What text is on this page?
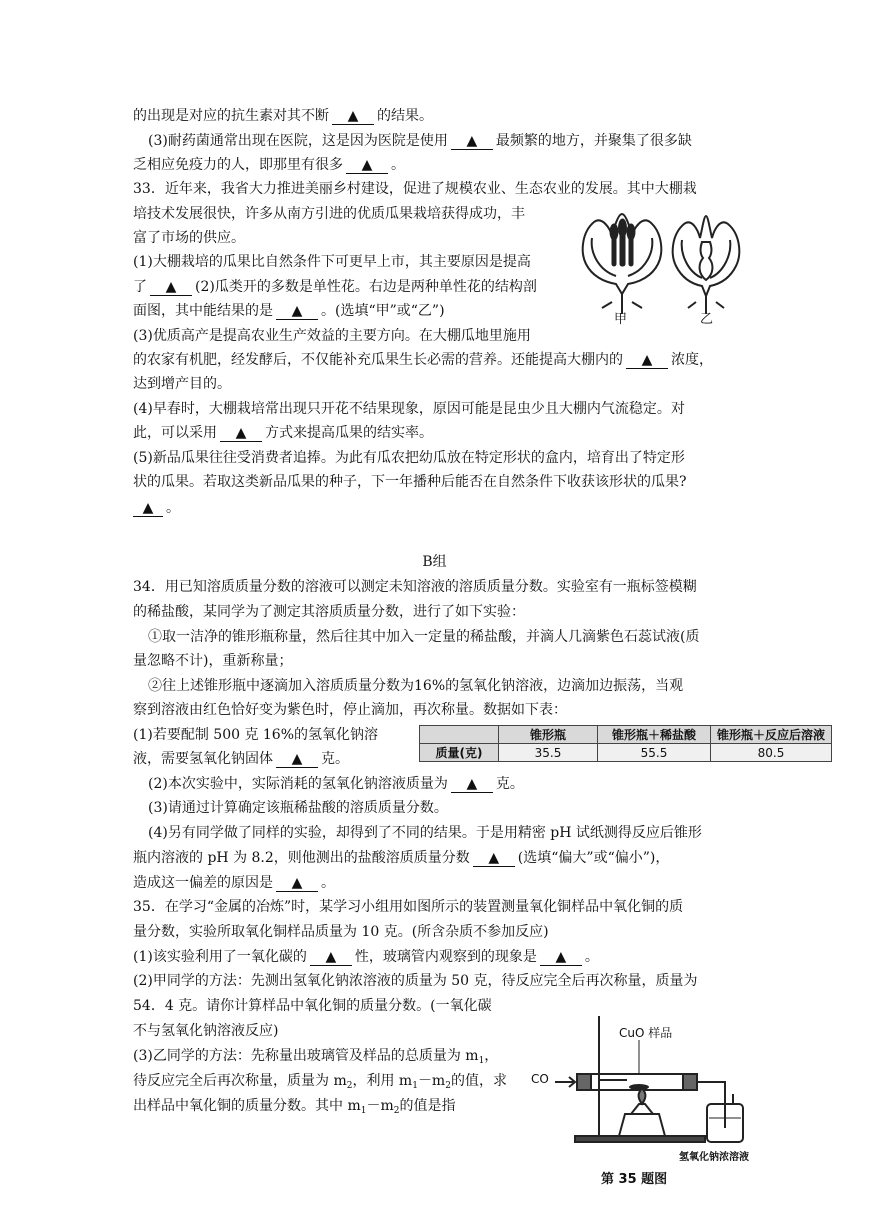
的出现是对应的抗生素对其不断 ▲ 的结果。
(3)耐药菌通常出现在医院，这是因为医院是使用 ▲ 最频繁的地方，并聚集了很多缺
乏相应免疫力的人，即那里有很多 ▲ 。
33．近年来，我省大力推进美丽乡村建设，促进了规模农业、生态农业的发展。其中大棚栽
培技术发展很快，许多从南方引进的优质瓜果栽培获得成功，丰
富了市场的供应。
(1)大棚栽培的瓜果比自然条件下可更早上市，其主要原因是提高
了 ▲ (2)瓜类开的多数是单性花。右边是两种单性花的结构剖
面图，其中能结果的是 ▲ 。(选填“甲”或“乙”)
(3)优质高产是提高农业生产效益的主要方向。在大棚瓜地里施用
的农家有机肥，经发酵后，不仅能补充瓜果生长必需的营养。还能提高大棚内的 ▲ 浓度，
达到增产目的。
(4)早春时，大棚栽培常出现只开花不结果现象，原因可能是昆虫少且大棚内气流稳定。对
此，可以采用 ▲ 方式来提高瓜果的结实率。
(5)新品瓜果往往受消费者追捧。为此有瓜农把幼瓜放在特定形状的盒内，培育出了特定形
状的瓜果。若取这类新品瓜果的种子，下一年播种后能否在自然条件下收获该形状的瓜果?
▲ 。
甲	乙
B组
34．用已知溶质质量分数的溶液可以测定未知溶液的溶质质量分数。实验室有一瓶标签模糊
的稀盐酸，某同学为了测定其溶质质量分数，进行了如下实验：
①取一洁净的锥形瓶称量，然后往其中加入一定量的稀盐酸，并滴人几滴紫色石蕊试液(质
量忽略不计)，重新称量；
②往上述锥形瓶中逐滴加入溶质质量分数为16%的氢氧化钠溶液，边滴加边振荡，当观
察到溶液由红色恰好变为紫色时，停止滴加，再次称量。数据如下表：
(1)若要配制 500 克 16%的氢氧化钠溶
液，需要氢氧化钠固体 ▲ 克。
	锥形瓶	锥形瓶＋稀盐酸	锥形瓶＋反应后溶液
质量(克)	35.5	55.5	80.5
(2)本次实验中，实际消耗的氢氧化钠溶液质量为 ▲ 克。
(3)请通过计算确定该瓶稀盐酸的溶质质量分数。
(4)另有同学做了同样的实验，却得到了不同的结果。于是用精密 pH 试纸测得反应后锥形
瓶内溶液的 pH 为 8.2，则他测出的盐酸溶质质量分数 ▲ (选填“偏大”或“偏小”)，
造成这一偏差的原因是 ▲ 。
35．在学习“金属的冶炼”时，某学习小组用如图所示的装置测量氧化铜样品中氧化铜的质
量分数，实验所取氧化铜样品质量为 10 克。(所含杂质不参加反应)
(1)该实验利用了一氧化碳的 ▲ 性，玻璃管内观察到的现象是 ▲ 。
(2)甲同学的方法：先测出氢氧化钠浓溶液的质量为 50 克，待反应完全后再次称量，质量为
54．4 克。请你计算样品中氧化铜的质量分数。(一氧化碳
不与氢氧化钠溶液反应)
(3)乙同学的方法：先称量出玻璃管及样品的总质量为 $m_1$，
待反应完全后再次称量，质量为 $m_2$，利用 $m_1-m_2$的值，求
出样品中氧化铜的质量分数。其中 $m_1-m_2$的值是指
CO
CuO 样品
氢氧化钠浓溶液
第 35 题图
